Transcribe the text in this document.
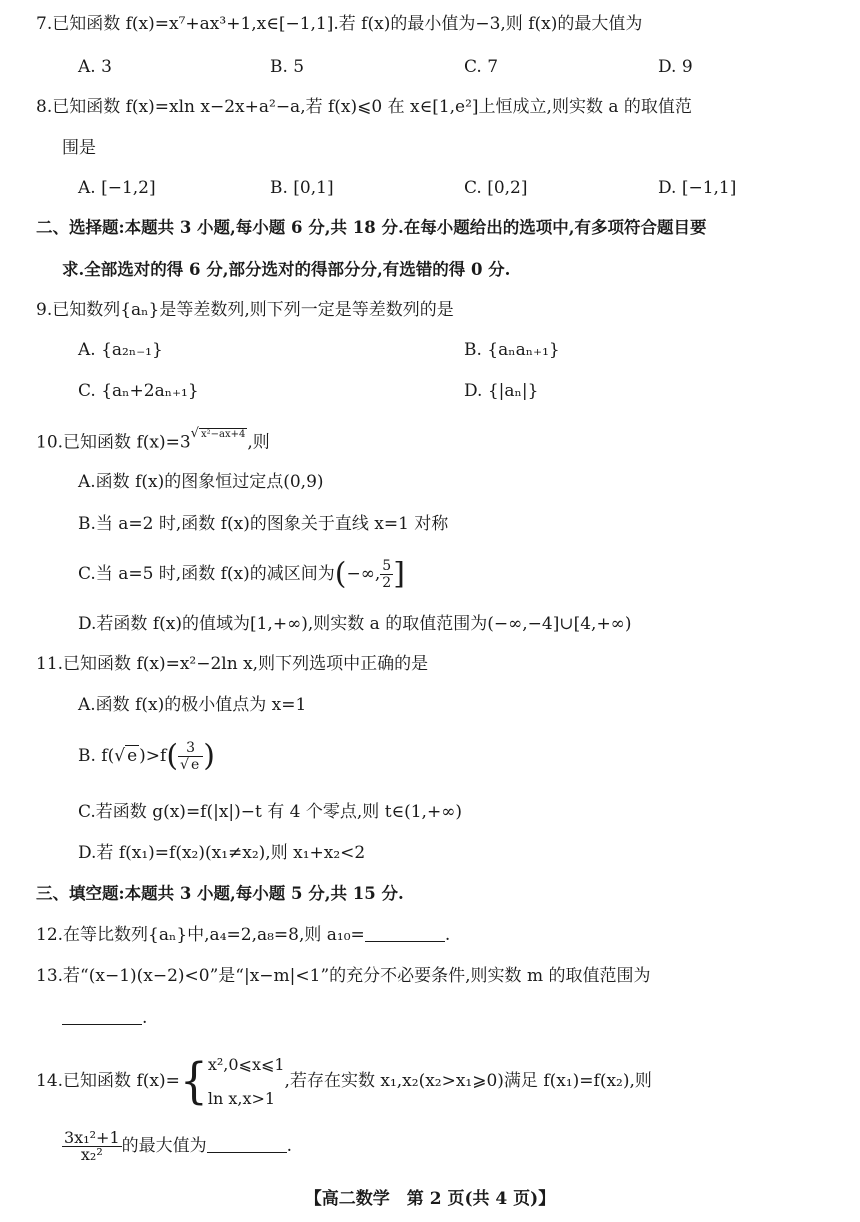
7.已知函数 f(x)=x⁷+ax³+1,x∈[−1,1].若 f(x)的最小值为−3,则 f(x)的最大值为
A. 3	B. 5	C. 7	D. 9
8.已知函数 f(x)=xln x−2x+a²−a,若 f(x)⩽0 在 x∈[1,e²]上恒成立,则实数 a 的取值范
围是
A. [−1,2]	B. [0,1]	C. [0,2]	D. [−1,1]
二、选择题:本题共 3 小题,每小题 6 分,共 18 分.在每小题给出的选项中,有多项符合题目要
求.全部选对的得 6 分,部分选对的得部分分,有选错的得 0 分.
9.已知数列{aₙ}是等差数列,则下列一定是等差数列的是
A. {a₂ₙ₋₁}	B. {aₙaₙ₊₁}
C. {aₙ+2aₙ₊₁}	D. {|aₙ|}
10.已知函数 $f(x)=3^{√ x^2-ax+4}$ ,则
A.函数 f(x)的图象恒过定点(0,9)
B.当 a=2 时,函数 f(x)的图象关于直线 x=1 对称
C.当 a=5 时,函数 f(x)的减区间为(−∞, $\frac{5}{2}$ ]
D.若函数 f(x)的值域为[1,+∞),则实数 a 的取值范围为(−∞,−4]∪[4,+∞)
11.已知函数 f(x)=x²−2ln x,则下列选项中正确的是
A.函数 f(x)的极小值点为 x=1
B. f(√ e )$>f( \frac{3}{√ e}$ )
C.若函数 g(x)=f(|x|)−t 有 4 个零点,则 t∈(1,+∞)
D.若 f(x₁)=f(x₂)(x₁≠x₂),则 x₁+x₂<2
三、填空题:本题共 3 小题,每小题 5 分,共 15 分.
12.在等比数列{aₙ}中,a₄=2,a₈=8,则 a₁₀=	.
13.若“(x−1)(x−2)<0”是“|x−m|<1”的充分不必要条件,则实数 m 的取值范围为
.
14.已知函数 f(x)={ x²,0⩽x⩽1
ln x,x>1
,若存在实数 x₁,x₂(x₂>x₁⩾0)满足 f(x₁)=f(x₂),则
$\frac{\text{3x₁²+1}}{\text{x₂²}}$ 的最大值为	.
【高二数学　第 2 页(共 4 页)】
